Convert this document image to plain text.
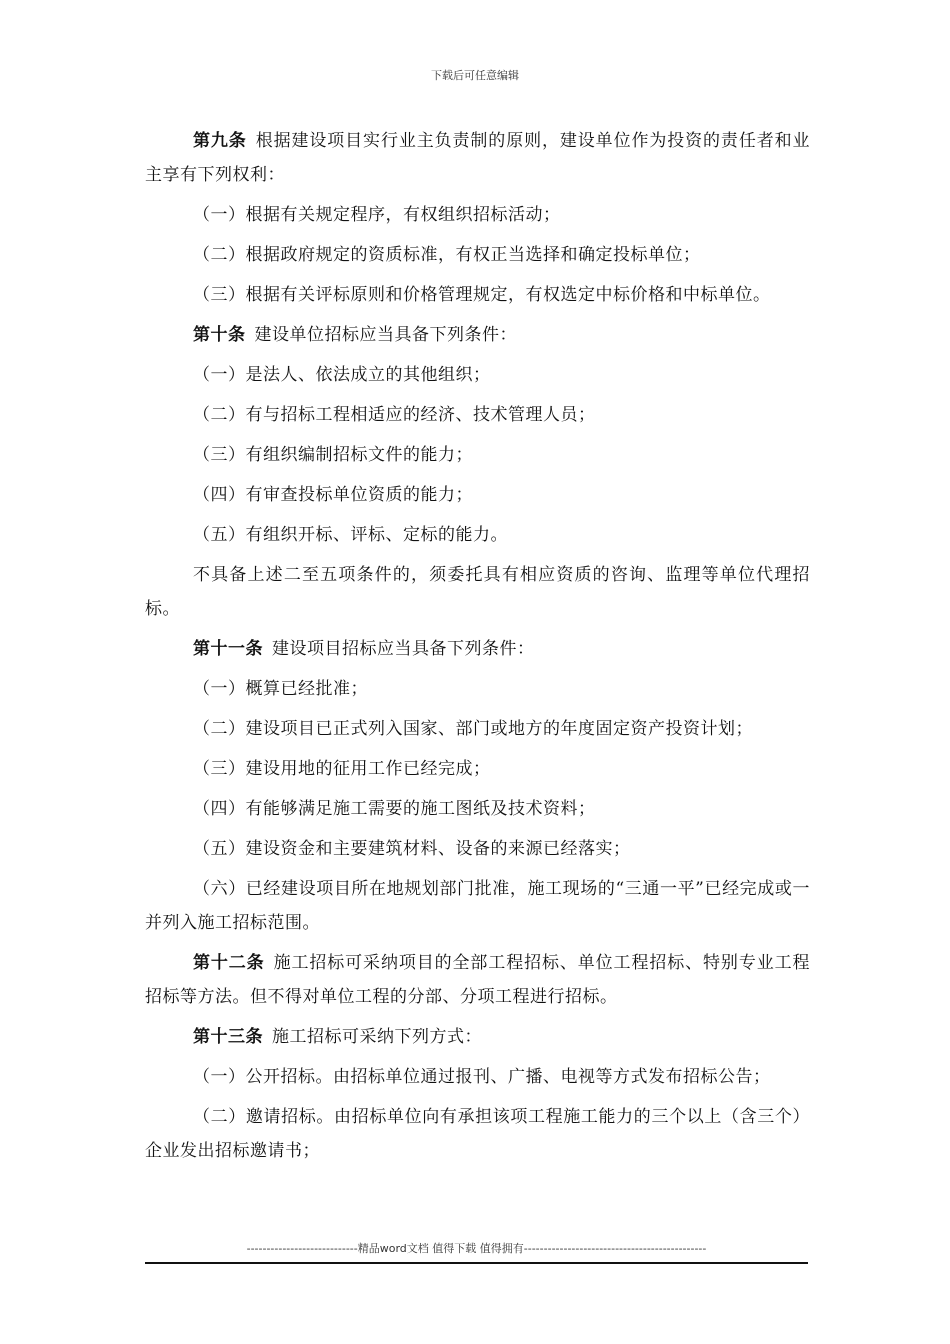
下载后可任意编辑

第九条 根据建设项目实行业主负责制的原则，建设单位作为投资的责任者和业主享有下列权利：

（一）根据有关规定程序，有权组织招标活动；

（二）根据政府规定的资质标准，有权正当选择和确定投标单位；

（三）根据有关评标原则和价格管理规定，有权选定中标价格和中标单位。

第十条 建设单位招标应当具备下列条件：

（一）是法人、依法成立的其他组织；

（二）有与招标工程相适应的经济、技术管理人员；

（三）有组织编制招标文件的能力；

（四）有审查投标单位资质的能力；

（五）有组织开标、评标、定标的能力。

不具备上述二至五项条件的，须委托具有相应资质的咨询、监理等单位代理招标。

第十一条 建设项目招标应当具备下列条件：

（一）概算已经批准；

（二）建设项目已正式列入国家、部门或地方的年度固定资产投资计划；

（三）建设用地的征用工作已经完成；

（四）有能够满足施工需要的施工图纸及技术资料；

（五）建设资金和主要建筑材料、设备的来源已经落实；

（六）已经建设项目所在地规划部门批准，施工现场的“三通一平”已经完成或一并列入施工招标范围。

第十二条 施工招标可采纳项目的全部工程招标、单位工程招标、特别专业工程招标等方法。但不得对单位工程的分部、分项工程进行招标。

第十三条 施工招标可采纳下列方式：

（一）公开招标。由招标单位通过报刊、广播、电视等方式发布招标公告；

（二）邀请招标。由招标单位向有承担该项工程施工能力的三个以上（含三个）企业发出招标邀请书；

----------------------------精品word文档 值得下载 值得拥有----------------------------------------------
